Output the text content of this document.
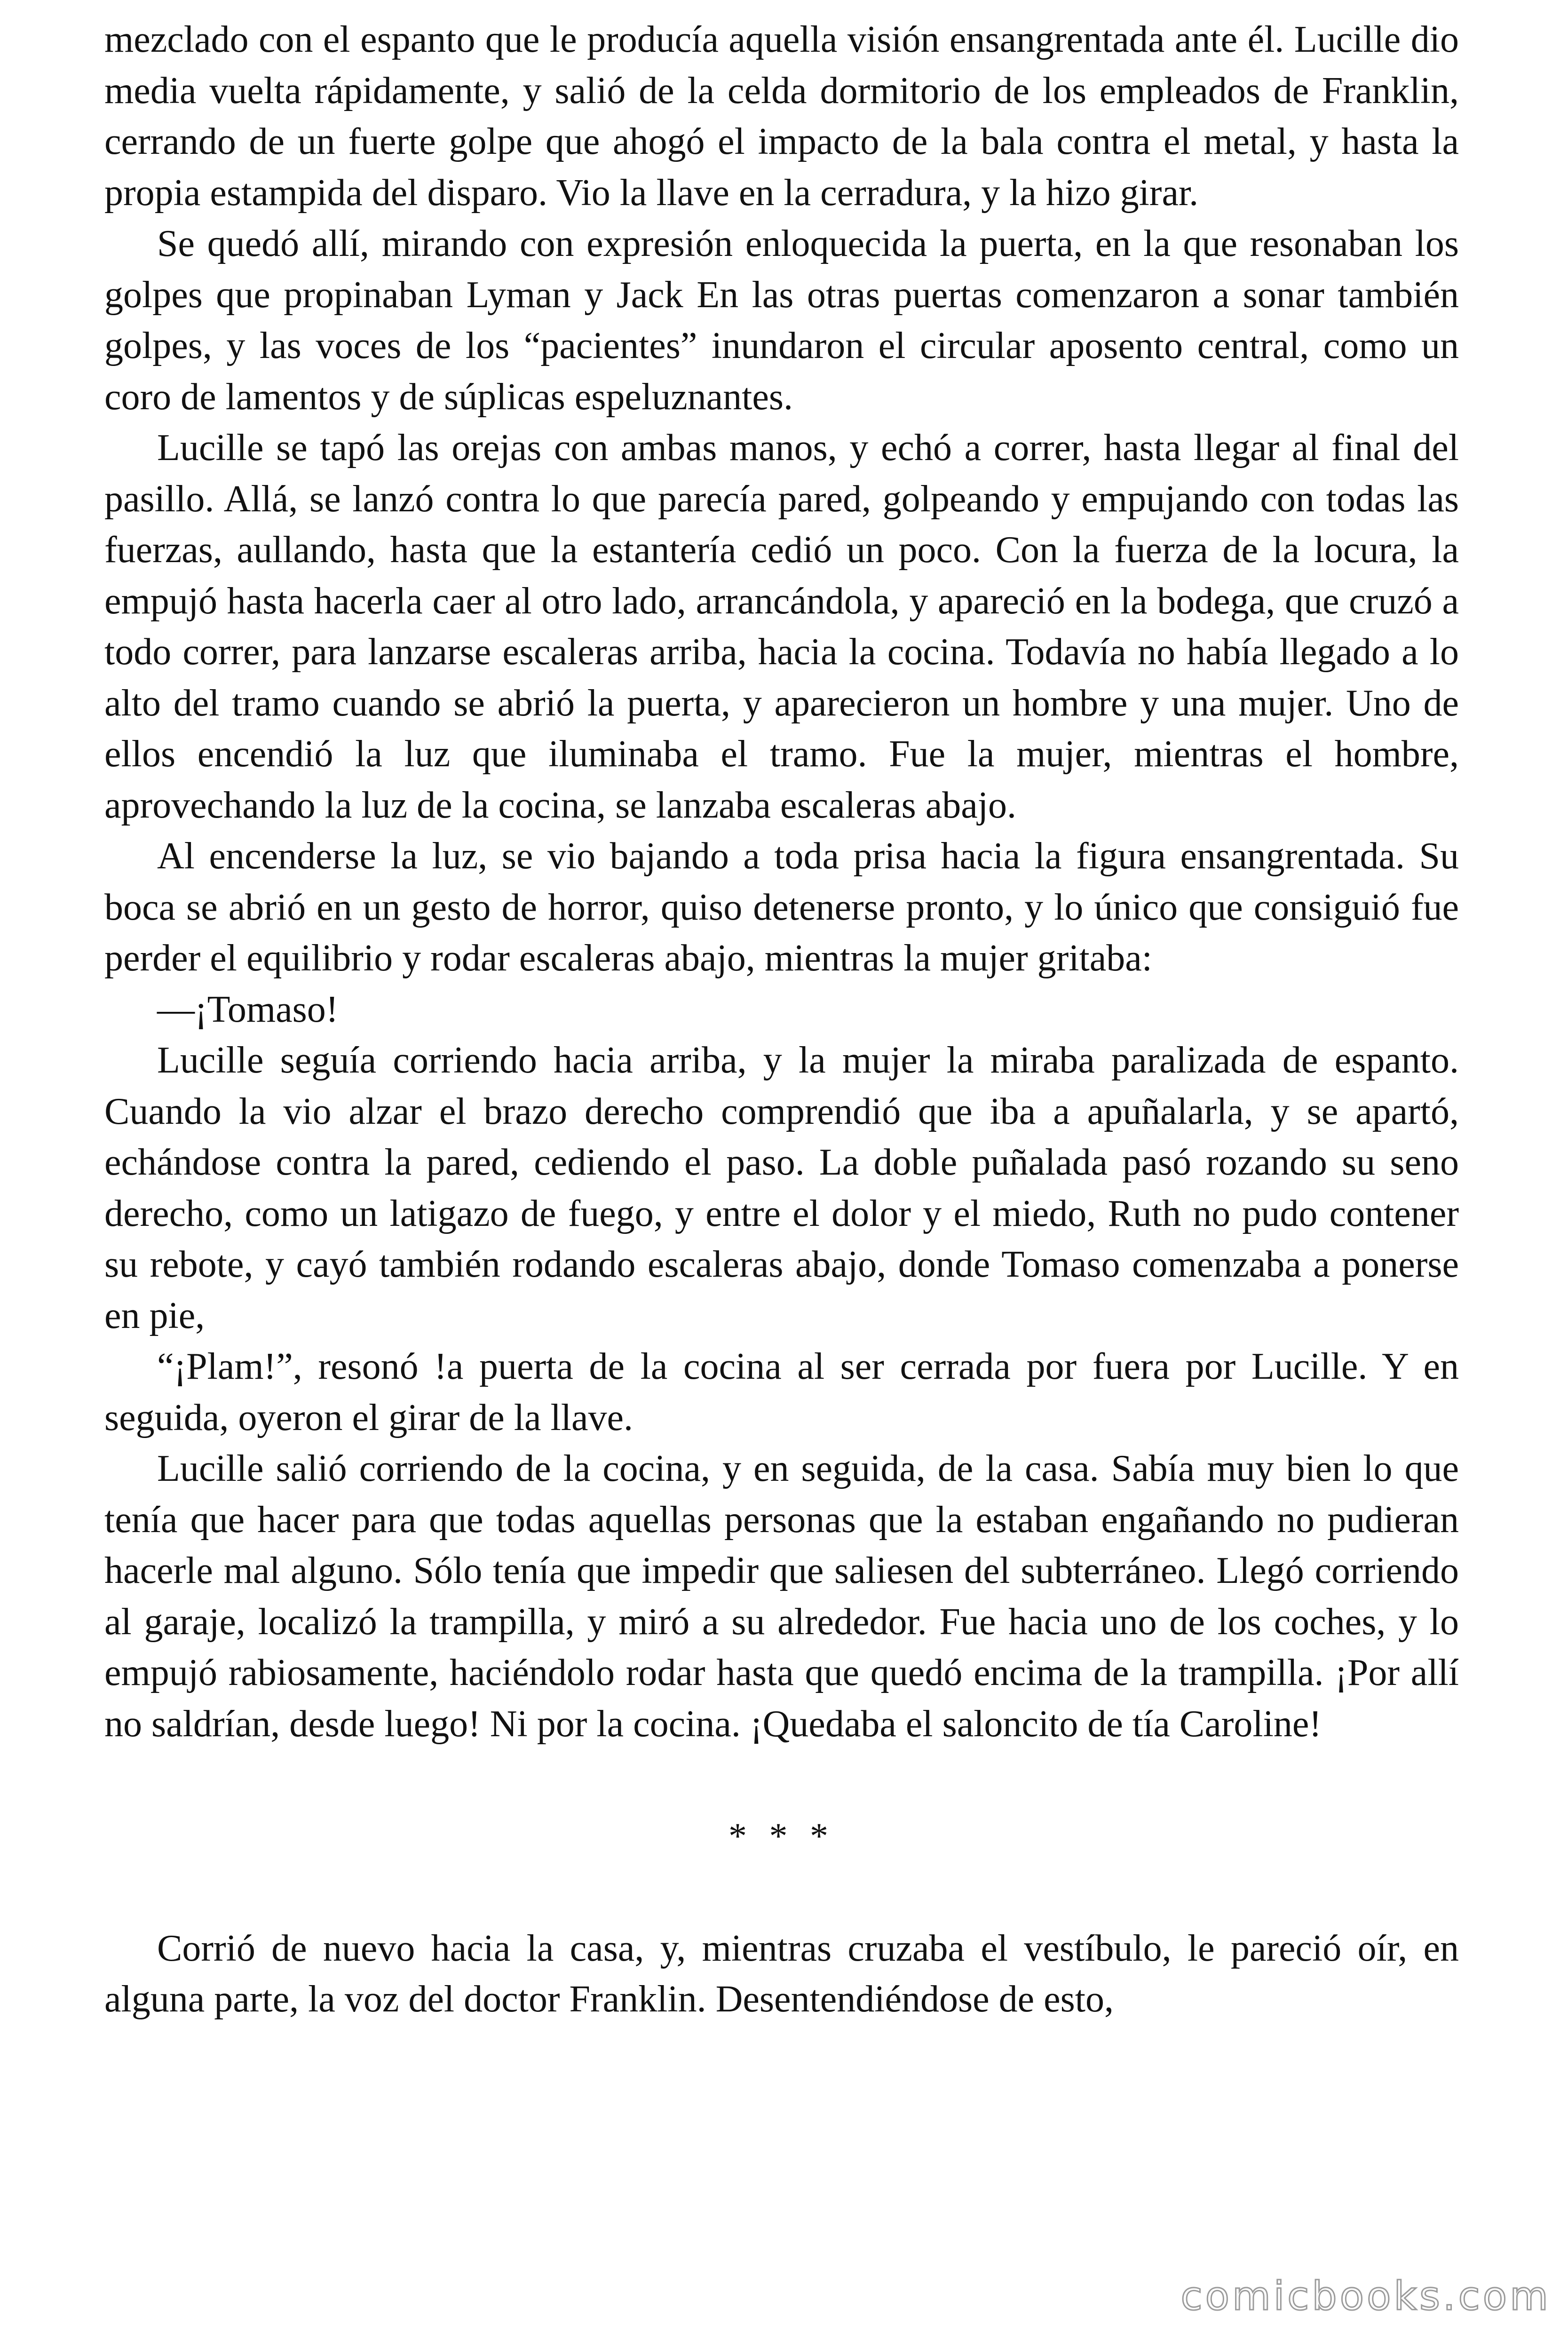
mezclado con el espanto que le producía aquella visión ensangrentada ante él. Lucille dio media vuelta rápidamente, y salió de la celda dormitorio de los empleados de Franklin, cerrando de un fuerte golpe que ahogó el impacto de la bala contra el metal, y hasta la propia estampida del disparo. Vio la llave en la cerradura, y la hizo girar.

Se quedó allí, mirando con expresión enloquecida la puerta, en la que resonaban los golpes que propinaban Lyman y Jack En las otras puertas comenzaron a sonar también golpes, y las voces de los “pacientes” inundaron el circular aposento central, como un coro de lamentos y de súplicas espeluznantes.

Lucille se tapó las orejas con ambas manos, y echó a correr, hasta llegar al final del pasillo. Allá, se lanzó contra lo que parecía pared, golpeando y empujando con todas las fuerzas, aullando, hasta que la estantería cedió un poco. Con la fuerza de la locura, la empujó hasta hacerla caer al otro lado, arrancándola, y apareció en la bodega, que cruzó a todo correr, para lanzarse escaleras arriba, hacia la cocina. Todavía no había llegado a lo alto del tramo cuando se abrió la puerta, y aparecieron un hombre y una mujer. Uno de ellos encendió la luz que iluminaba el tramo. Fue la mujer, mientras el hombre, aprovechando la luz de la cocina, se lanzaba escaleras abajo.

Al encenderse la luz, se vio bajando a toda prisa hacia la figura ensangrentada. Su boca se abrió en un gesto de horror, quiso detenerse pronto, y lo único que consiguió fue perder el equilibrio y rodar escaleras abajo, mientras la mujer gritaba:

—¡Tomaso!

Lucille seguía corriendo hacia arriba, y la mujer la miraba paralizada de espanto. Cuando la vio alzar el brazo derecho comprendió que iba a apuñalarla, y se apartó, echándose contra la pared, cediendo el paso. La doble puñalada pasó rozando su seno derecho, como un latigazo de fuego, y entre el dolor y el miedo, Ruth no pudo contener su rebote, y cayó también rodando escaleras abajo, donde Tomaso comenzaba a ponerse en pie,

“¡Plam!”, resonó !a puerta de la cocina al ser cerrada por fuera por Lucille. Y en seguida, oyeron el girar de la llave.

Lucille salió corriendo de la cocina, y en seguida, de la casa. Sabía muy bien lo que tenía que hacer para que todas aquellas personas que la estaban engañando no pudieran hacerle mal alguno. Sólo tenía que impedir que saliesen del subterráneo. Llegó corriendo al garaje, localizó la trampilla, y miró a su alrededor. Fue hacia uno de los coches, y lo empujó rabiosamente, haciéndolo rodar hasta que quedó encima de la trampilla. ¡Por allí no saldrían, desde luego! Ni por la cocina. ¡Quedaba el saloncito de tía Caroline!

* * *

Corrió de nuevo hacia la casa, y, mientras cruzaba el vestíbulo, le pareció oír, en alguna parte, la voz del doctor Franklin. Desentendiéndose de esto,

comicbooks.com
